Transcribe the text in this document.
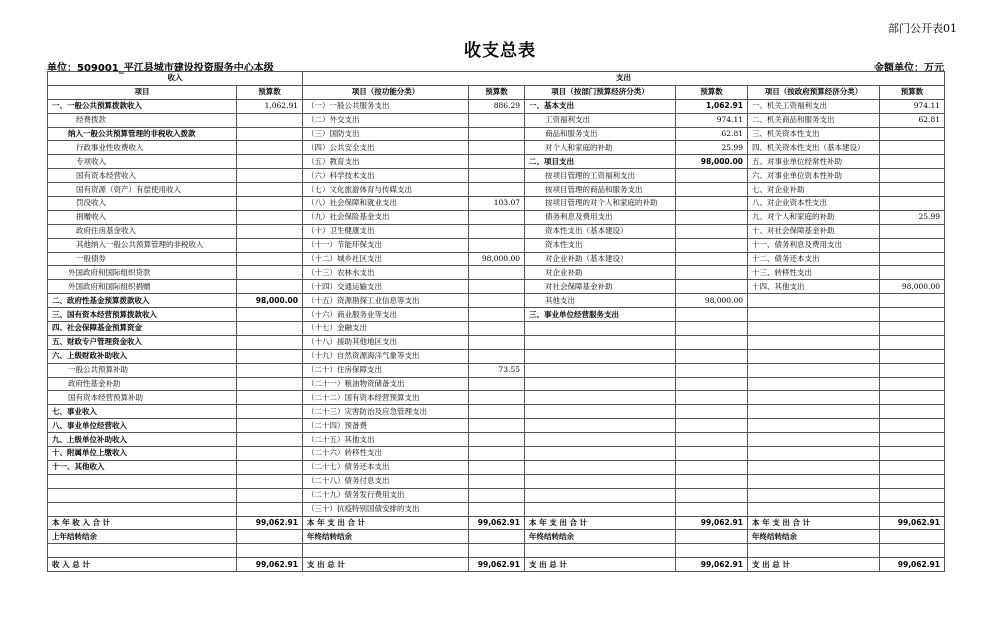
部门公开表01
收支总表
单位：509001_平江县城市建设投资服务中心本级	金额单位：万元
收入		支出					
项目	预算数	项目（按功能分类）	预算数	项目（按部门预算经济分类）	预算数	项目（按政府预算经济分类）	预算数
一、一般公共预算拨款收入	1,062.91	（一）一般公共服务支出	886.29	一、基本支出	1,062.91	一、机关工资福利支出	974.11
经费拨款		（二）外交支出		工资福利支出	974.11	二、机关商品和服务支出	62.81
纳入一般公共预算管理的非税收入拨款		（三）国防支出		商品和服务支出	62.81	三、机关资本性支出	
行政事业性收费收入		（四）公共安全支出		对个人和家庭的补助	25.99	四、机关资本性支出（基本建设）	
专项收入		（五）教育支出		二、项目支出	98,000.00	五、对事业单位经常性补助	
国有资本经营收入		（六）科学技术支出		按项目管理的工资福利支出		六、对事业单位资本性补助	
国有资源（资产）有偿使用收入		（七）文化旅游体育与传媒支出		按项目管理的商品和服务支出		七、对企业补助	
罚没收入		（八）社会保障和就业支出	103.07	按项目管理的对个人和家庭的补助		八、对企业资本性支出	
捐赠收入		（九）社会保险基金支出		债务利息及费用支出		九、对个人和家庭的补助	25.99
政府住房基金收入		（十）卫生健康支出		资本性支出（基本建设）		十、对社会保障基金补助	
其他纳入一般公共预算管理的非税收入		（十一）节能环保支出		资本性支出		十一、债务利息及费用支出	
一般债券		（十二）城乡社区支出	98,000.00	对企业补助（基本建设）		十二、债务还本支出	
外国政府和国际组织贷款		（十三）农林水支出		对企业补助		十三、转移性支出	
外国政府和国际组织捐赠		（十四）交通运输支出		对社会保障基金补助		十四、其他支出	98,000.00
二、政府性基金预算拨款收入	98,000.00	（十五）资源勘探工业信息等支出		其他支出	98,000.00		
三、国有资本经营预算拨款收入		（十六）商业服务业等支出		三、事业单位经营服务支出			
四、社会保障基金预算资金		（十七）金融支出					
五、财政专户管理资金收入		（十八）援助其他地区支出					
六、上级财政补助收入		（十九）自然资源海洋气象等支出					
一般公共预算补助		（二十）住房保障支出	73.55				
政府性基金补助		（二十一）粮油物资储备支出					
国有资本经营预算补助		（二十二）国有资本经营预算支出					
七、事业收入		（二十三）灾害防治及应急管理支出					
八、事业单位经营收入		（二十四）预备费					
九、上级单位补助收入		（二十五）其他支出					
十、附属单位上缴收入		（二十六）转移性支出					
十一、其他收入		（二十七）债务还本支出					
		（二十八）债务付息支出					
		（二十九）债务发行费用支出					
		（三十）抗疫特别国债安排的支出					
本 年 收 入 合 计	99,062.91	本 年 支 出 合 计	99,062.91	本 年 支 出 合 计	99,062.91	本 年 支 出 合 计	99,062.91
上年结转结余		年终结转结余		年终结转结余		年终结转结余	

收 入 总 计	99,062.91	支 出 总 计	99,062.91	支 出 总 计	99,062.91	支 出 总 计	99,062.91
